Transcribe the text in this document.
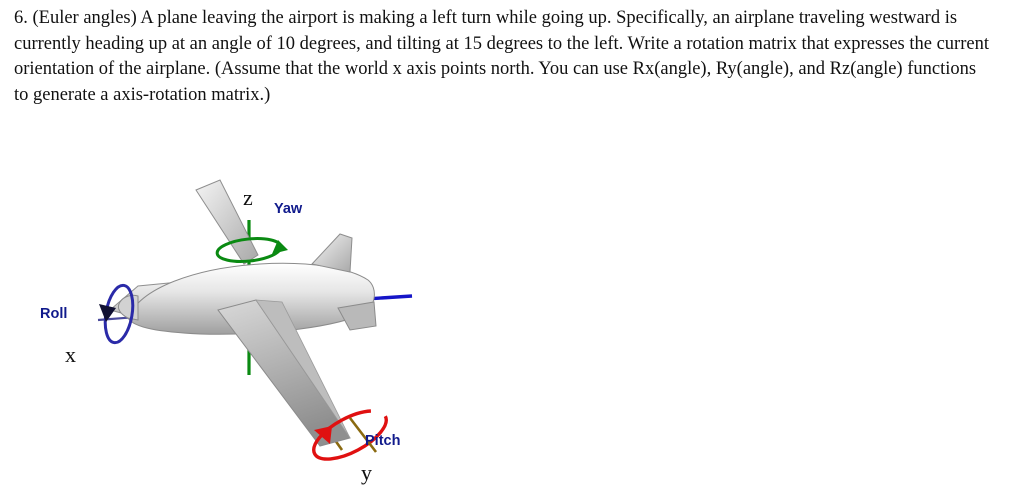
6. (Euler angles) A plane leaving the airport is making a left turn while going up. Specifically, an airplane traveling westward is currently heading up at an angle of 10 degrees, and tilting at 15 degrees to the left. Write a rotation matrix that expresses the current orientation of the airplane. (Assume that the world x axis points north. You can use Rx(angle), Ry(angle), and Rz(angle) functions to generate a axis-rotation matrix.)
z Yaw
Roll
x
Pitch
y
